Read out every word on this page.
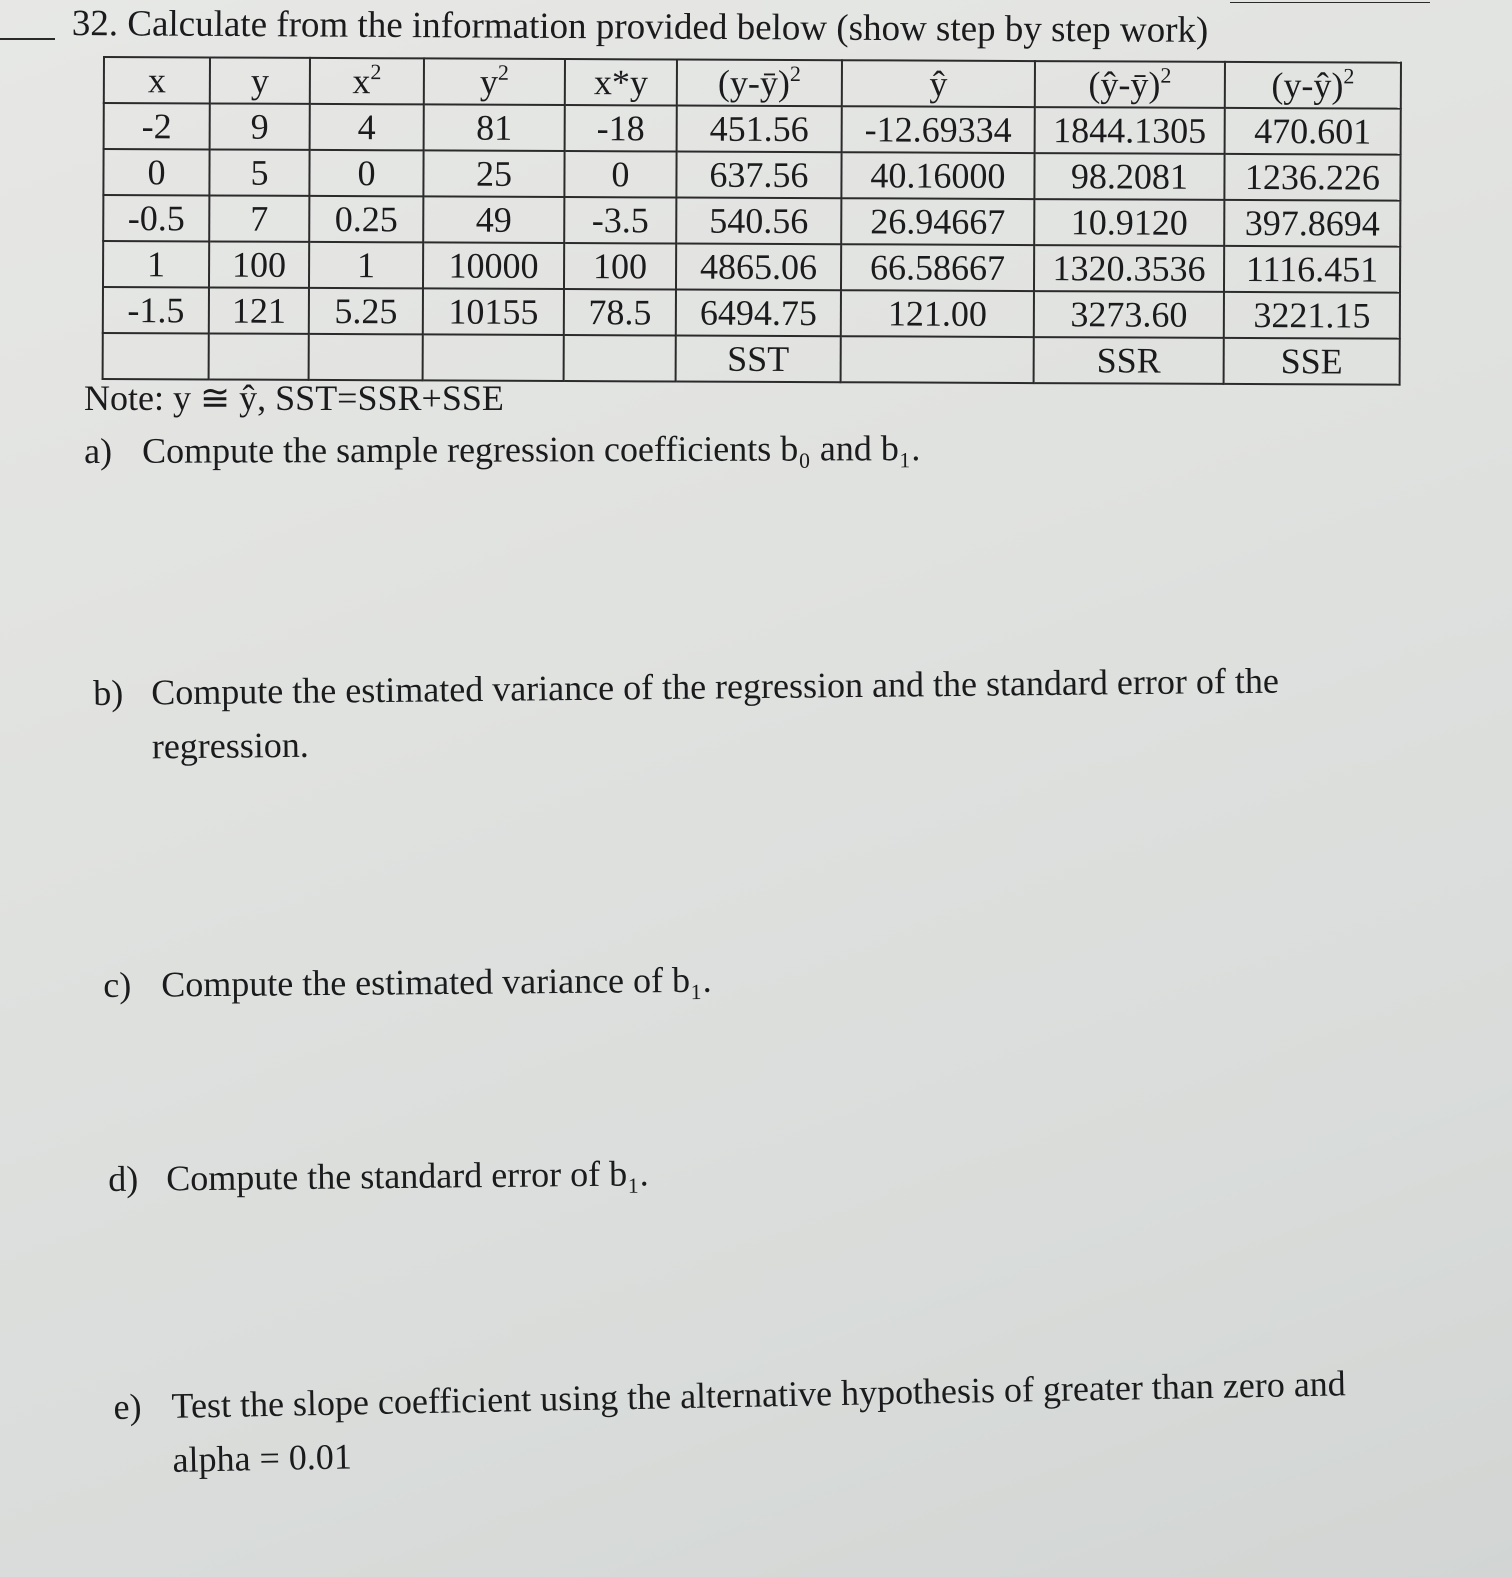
32. Calculate from the information provided below (show step by step work)
x	y	$x^2$	$y^2$	x*y	(y-ȳ)$^2$	ŷ	(ŷ-ȳ)$^2$	(y-ŷ)$^2$
-2	9	4	81	-18	451.56	-12.69334	1844.1305	470.601
0	5	0	25	0	637.56	40.16000	98.2081	1236.226
-0.5	7	0.25	49	-3.5	540.56	26.94667	10.9120	397.8694
1	100	1	10000	100	4865.06	66.58667	1320.3536	1116.451
-1.5	121	5.25	10155	78.5	6494.75	121.00	3273.60	3221.15
					SST		SSR	SSE
Note: y ≅ ŷ, SST=SSR+SSE
a) Compute the sample regression coefficients b₀ and b₁.
b) Compute the estimated variance of the regression and the standard error of the
regression.
c) Compute the estimated variance of b₁.
d) Compute the standard error of b₁.
e) Test the slope coefficient using the alternative hypothesis of greater than zero and
alpha = 0.01
